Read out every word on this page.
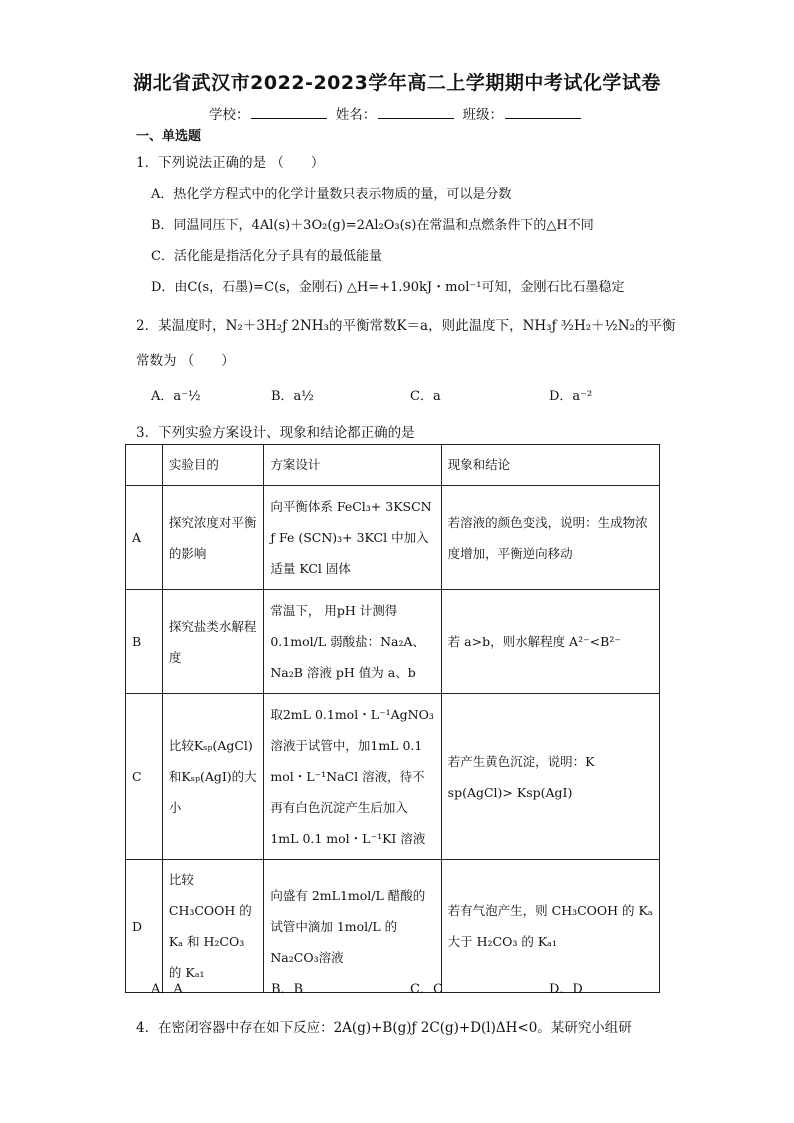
湖北省武汉市2022-2023学年高二上学期期中考试化学试卷
学校：	姓名：	班级：
一、单选题
1．下列说法正确的是 （　　）
A．热化学方程式中的化学计量数只表示物质的量，可以是分数
B．同温同压下，4Al(s)＋3O₂(g)=2Al₂O₃(s)在常温和点燃条件下的△H不同
C．活化能是指活化分子具有的最低能量
D．由C(s，石墨)=C(s，金刚石) △H=+1.90kJ・mol⁻¹可知，金刚石比石墨稳定
2．某温度时，N₂＋3H₂ƒ 2NH₃的平衡常数K＝a，则此温度下，NH₃ƒ ³⁄₂H₂＋½N₂的平衡
常数为 （　　）
A．a⁻½	B．a½	C．a	D．a⁻²
3．下列实验方案设计、现象和结论都正确的是
	实验目的	方案设计	现象和结论
A	探究浓度对平衡的影响	向平衡体系 FeCl₃+ 3KSCN ƒ Fe (SCN)₃+ 3KCl 中加入适量 KCl 固体	若溶液的颜色变浅，说明：生成物浓度增加，平衡逆向移动
B	探究盐类水解程度	常温下， 用pH 计测得 0.1mol/L 弱酸盐：Na₂A、Na₂B 溶液 pH 值为 a、b	若 a>b，则水解程度 A²⁻<B²⁻
C	比较Kₛₚ(AgCl)和Kₛₚ(AgI)的大小	取2mL 0.1mol・L⁻¹AgNO₃溶液于试管中，加1mL 0.1 mol・L⁻¹NaCl 溶液，待不再有白色沉淀产生后加入 1mL 0.1 mol・L⁻¹KI 溶液	若产生黄色沉淀，说明：K sp(AgCl)> Ksp(AgI)
D	比较 CH₃COOH 的 Kₐ 和 H₂CO₃ 的 Kₐ₁	向盛有 2mL1mol/L 醋酸的试管中滴加 1mol/L 的 Na₂CO₃溶液	若有气泡产生，则 CH₃COOH 的 Kₐ 大于 H₂CO₃ 的 Kₐ₁
A．A	B．B	C．C	D．D
4．在密闭容器中存在如下反应：2A(g)+B(g)ƒ 2C(g)+D(l)ΔH<0。某研究小组研
